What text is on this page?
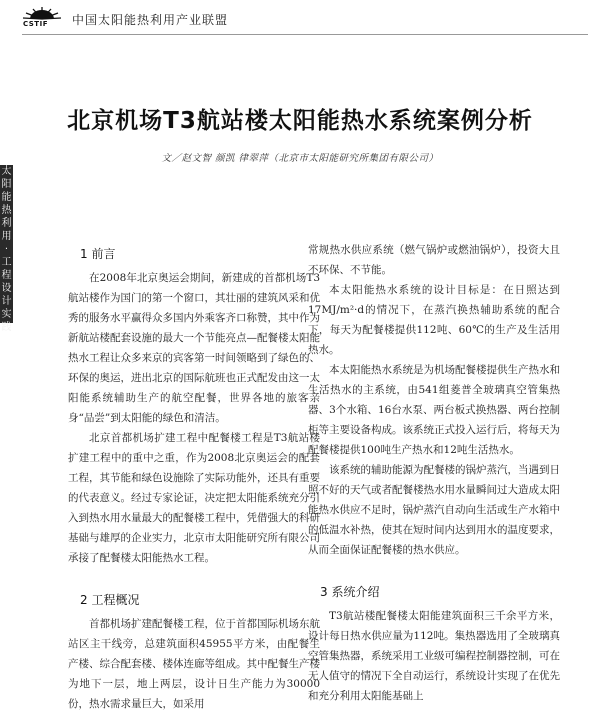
CSTIF 中国太阳能热利用产业联盟
太阳能热利用·工程设计实践
北京机场T3航站楼太阳能热水系统案例分析
文／赵文智 颜凯 律翠萍（北京市太阳能研究所集团有限公司）
1 前言

在2008年北京奥运会期间，新建成的首都机场T3航站楼作为国门的第一个窗口，其壮丽的建筑风采和优秀的服务水平赢得众多国内外乘客齐口称赞，其中作为新航站楼配套设施的最大一个节能亮点—配餐楼太阳能热水工程让众多来京的宾客第一时间领略到了绿色的、环保的奥运，进出北京的国际航班也正式配发由这一太阳能系统辅助生产的航空配餐，世界各地的旅客亲身“品尝”到太阳能的绿色和清洁。

北京首都机场扩建工程中配餐楼工程是T3航站楼扩建工程中的重中之重，作为2008北京奥运会的配套工程，其节能和绿色设施除了实际功能外，还具有重要的代表意义。经过专家论证，决定把太阳能系统充分引入到热水用水量最大的配餐楼工程中，凭借强大的科研基础与雄厚的企业实力，北京市太阳能研究所有限公司承接了配餐楼太阳能热水工程。

2 工程概况

首都机场扩建配餐楼工程，位于首都国际机场东航站区主干线旁，总建筑面积45955平方米，由配餐生产楼、综合配套楼、楼体连廊等组成。其中配餐生产楼为地下一层，地上两层，设计日生产能力为30000份，热水需求量巨大，如采用

常规热水供应系统（燃气锅炉或燃油锅炉），投资大且不环保、不节能。

本太阳能热水系统的设计目标是：在日照达到17MJ/m²·d的情况下，在蒸汽换热辅助系统的配合下，每天为配餐楼提供112吨、60℃的生产及生活用热水。

本太阳能热水系统是为机场配餐楼提供生产热水和生活热水的主系统，由541组菱普全玻璃真空管集热器、3个水箱、16台水泵、两台板式换热器、两台控制柜等主要设备构成。该系统正式投入运行后，将每天为配餐楼提供100吨生产热水和12吨生活热水。

该系统的辅助能源为配餐楼的锅炉蒸汽，当遇到日照不好的天气或者配餐楼热水用水量瞬间过大造成太阳能热水供应不足时，锅炉蒸汽自动向生活或生产水箱中的低温水补热，使其在短时间内达到用水的温度要求，从而全面保证配餐楼的热水供应。

3 系统介绍

T3航站楼配餐楼太阳能建筑面积三千余平方米，设计每日热水供应量为112吨。集热器选用了全玻璃真空管集热器，系统采用工业级可编程控制器控制，可在无人值守的情况下全自动运行，系统设计实现了在优先和充分利用太阳能基础上
